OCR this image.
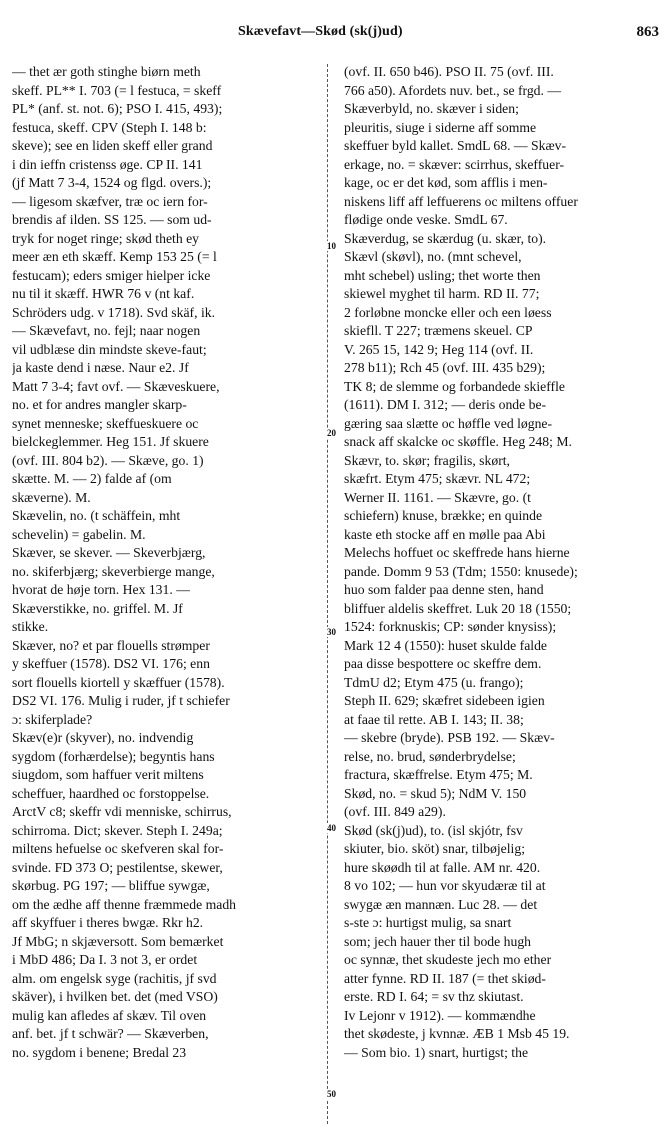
Skævefavt—Skød (sk(j)ud)	863
— thet ær goth stinghe biørn meth
skeff. PL** I. 703 (= l festuca, = skeff
PL* (anf. st. not. 6); PSO I. 415, 493);
festuca, skeff. CPV (Steph I. 148 b:
skeve); see en liden skeff eller grand
i din ieffn cristenss øge. CP II. 141
(jf Matt 7 3-4, 1524 og flgd. overs.);
— ligesom skæfver, træ oc iern for-
brendis af ilden. SS 125. — som ud-
tryk for noget ringe; skød theth ey
meer æn eth skæff. Kemp 153 25 (= l
festucam); eders smiger hielper icke
nu til it skæff. HWR 76 v (nt kaf.
Schröders udg. v 1718). Svd skäf, ik.
— Skævefavt, no. fejl; naar nogen
vil udblæse din mindste skeve-faut;
ja kaste dend i næse. Naur e2. Jf
Matt 7 3-4; favt ovf. — Skæveskuere,
no. et for andres mangler skarp-
synet menneske; skeffueskuere oc
bielckeglemmer. Heg 151. Jf skuere
(ovf. III. 804 b2). — Skæve, go. 1)
skætte. M. — 2) falde af (om
skæverne). M.
Skævelin, no. (t schäffein, mht
schevelin) = gabelin. M.
Skæver, se skever. — Skeverbjærg,
no. skiferbjærg; skeverbierge mange,
hvorat de høje torn. Hex 131. —
Skæverstikke, no. griffel. M. Jf
stikke.
Skæver, no? et par flouells strømper
y skeffuer (1578). DS2 VI. 176; enn
sort flouells kiortell y skæffuer (1578).
DS2 VI. 176. Mulig i ruder, jf t schiefer
ɔ: skiferplade?
Skæv(e)r (skyver), no. indvendig
sygdom (forhærdelse); begyntis hans
siugdom, som haffuer verit miltens
scheffuer, haardhed oc forstoppelse.
ArctV c8; skeffr vdi menniske, schirrus,
schirroma. Dict; skever. Steph I. 249a;
miltens hefuelse oc skefveren skal for-
svinde. FD 373 O; pestilentse, skewer,
skørbug. PG 197; — bliffue sywgæ,
om the ædhe aff thenne fræmmede madh
aff skyffuer i theres bwgæ. Rkr h2.
Jf MbG; n skjæversott. Som bemærket
i MbD 486; Da I. 3 not 3, er ordet
alm. om engelsk syge (rachitis, jf svd
skäver), i hvilken bet. det (med VSO)
mulig kan afledes af skæv. Til oven
anf. bet. jf t schwär? — Skæverben,
no. sygdom i benene; Bredal 23
10
20
30
40
50
(ovf. II. 650 b46). PSO II. 75 (ovf. III.
766 a50). Afordets nuv. bet., se frgd. —
Skæverbyld, no. skæver i siden;
pleuritis, siuge i siderne aff somme
skeffuer byld kallet. SmdL 68. — Skæv-
erkage, no. = skæver: scirrhus, skeffuer-
kage, oc er det kød, som afflis i men-
niskens liff aff leffuerens oc miltens offuer
flødige onde veske. SmdL 67.
Skæverdug, se skærdug (u. skær, to).
Skævl (skøvl), no. (mnt schevel,
mht schebel) usling; thet worte then
skiewel myghet til harm. RD II. 77;
2 forløbne moncke eller och een løess
skiefll. T 227; træmens skeuel. CP
V. 265 15, 142 9; Heg 114 (ovf. II.
278 b11); Rch 45 (ovf. III. 435 b29);
TK 8; de slemme og forbandede skieffle
(1611). DM I. 312; — deris onde be-
gæring saa slætte oc høffle ved løgne-
snack aff skalcke oc skøffle. Heg 248; M.
Skævr, to. skør; fragilis, skørt,
skæfrt. Etym 475; skævr. NL 472;
Werner II. 1161. — Skævre, go. (t
schiefern) knuse, brække; en quinde
kaste eth stocke aff en mølle paa Abi
Melechs hoffuet oc skeffrede hans hierne
pande. Domm 9 53 (Tdm; 1550: knusede);
huo som falder paa denne sten, hand
bliffuer aldelis skeffret. Luk 20 18 (1550;
1524: forknuskis; CP: sønder knysiss);
Mark 12 4 (1550): huset skulde falde
paa disse bespottere oc skeffre dem.
TdmU d2; Etym 475 (u. frango);
Steph II. 629; skæfret sidebeen igien
at faae til rette. AB I. 143; II. 38;
— skebre (bryde). PSB 192. — Skæv-
relse, no. brud, sønderbrydelse;
fractura, skæffrelse. Etym 475; M.
Skød, no. = skud 5); NdM V. 150
(ovf. III. 849 a29).
Skød (sk(j)ud), to. (isl skjótr, fsv
skiuter, bio. sköt) snar, tilbøjelig;
hure skøødh til at falle. AM nr. 420.
8 vo 102; — hun vor skyudæræ til at
swygæ æn mannæn. Luc 28. — det
s-ste ɔ: hurtigst mulig, sa snart
som; jech hauer ther til bode hugh
oc synnæ, thet skudeste jech mo ether
atter fynne. RD II. 187 (= thet skiød-
erste. RD I. 64; = sv thz skiutast.
Iv Lejonr v 1912). — kommændhe
thet skødeste, j kvnnæ. ÆB 1 Msb 45 19.
— Som bio. 1) snart, hurtigst; the
